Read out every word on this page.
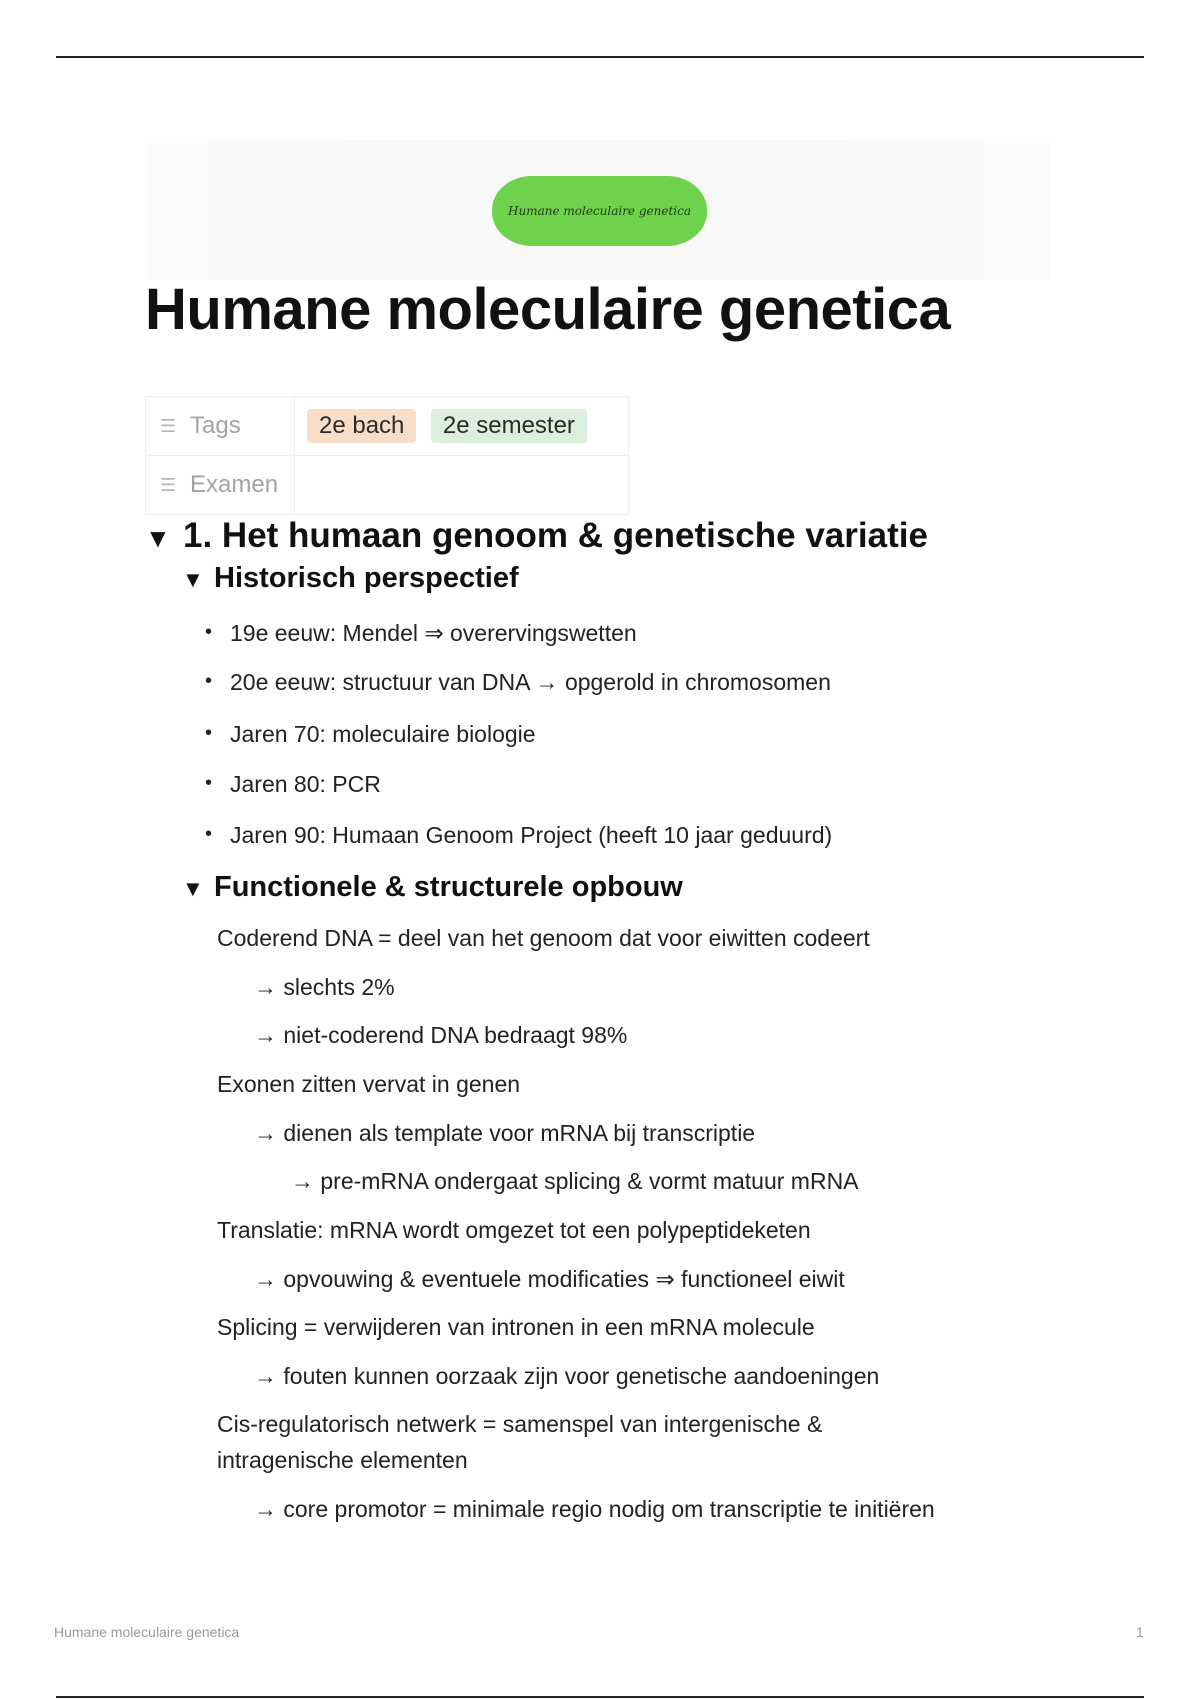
Humane moleculaire genetica
Humane moleculaire genetica
☰ Tags	2e bach 2e semester
☰ Examen	
▼ 1. Het humaan genoom & genetische variatie
▼ Historisch perspectief
• 19e eeuw: Mendel ⇒ overervingswetten
• 20e eeuw: structuur van DNA → opgerold in chromosomen
• Jaren 70: moleculaire biologie
• Jaren 80: PCR
• Jaren 90: Humaan Genoom Project (heeft 10 jaar geduurd)
▼ Functionele & structurele opbouw
Coderend DNA = deel van het genoom dat voor eiwitten codeert
→ slechts 2%
→ niet-coderend DNA bedraagt 98%
Exonen zitten vervat in genen
→ dienen als template voor mRNA bij transcriptie
→ pre-mRNA ondergaat splicing & vormt matuur mRNA
Translatie: mRNA wordt omgezet tot een polypeptideketen
→ opvouwing & eventuele modificaties ⇒ functioneel eiwit
Splicing = verwijderen van intronen in een mRNA molecule
→ fouten kunnen oorzaak zijn voor genetische aandoeningen
Cis-regulatorisch netwerk = samenspel van intergenische &
intragenische elementen
→ core promotor = minimale regio nodig om transcriptie te initiëren
Humane moleculaire genetica	1
